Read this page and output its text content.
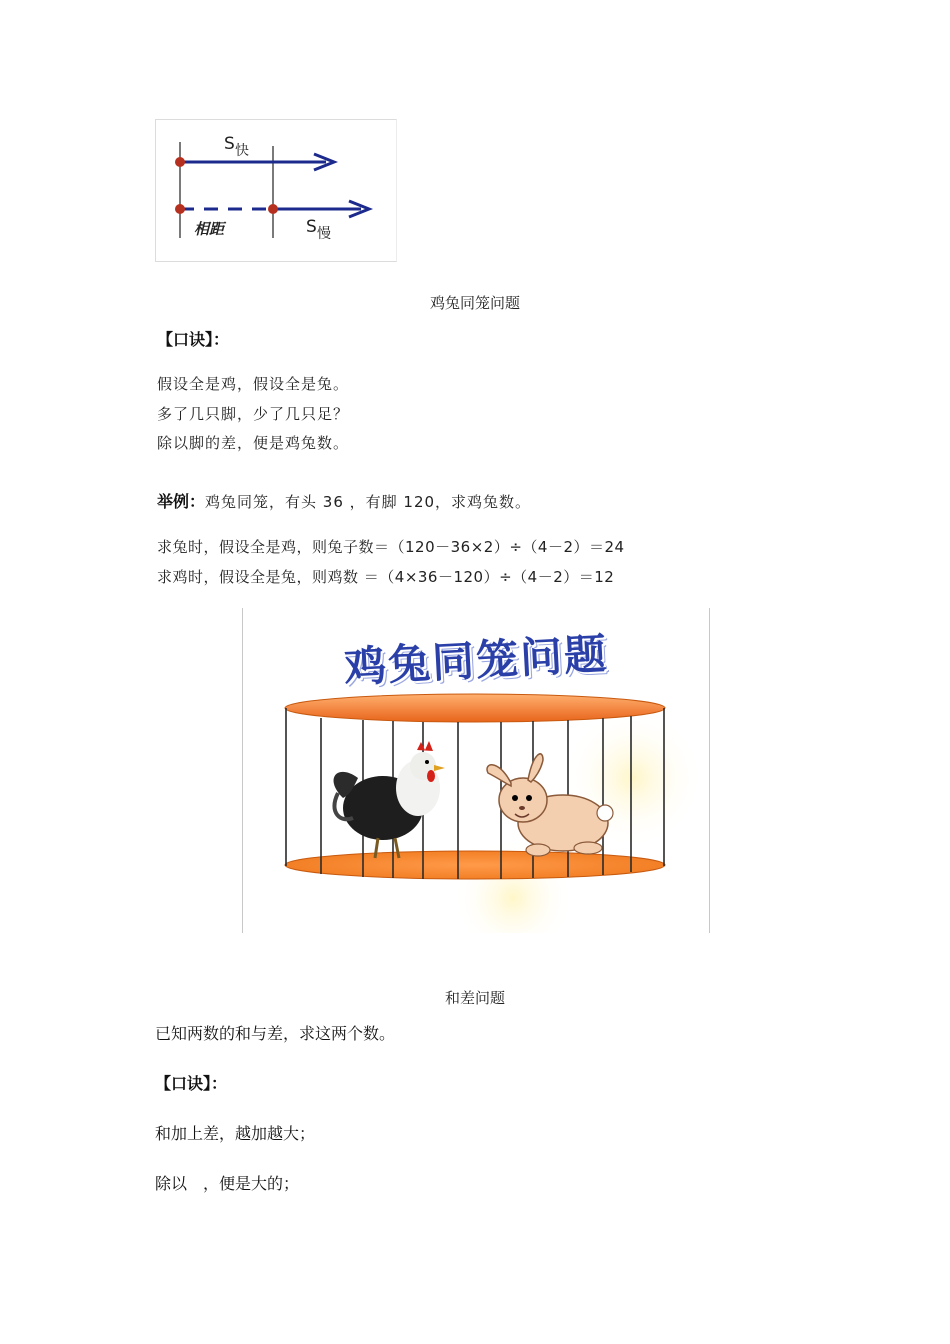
S 快
相距	S 慢
鸡兔同笼问题
【口诀】：
假设全是鸡，假设全是兔。
多了几只脚，少了几只足？
除以脚的差，便是鸡兔数。
举例：鸡兔同笼，有头 36 ，有脚 120，求鸡兔数。
求兔时，假设全是鸡，则兔子数＝（120－36×2）÷（4－2）＝24
求鸡时，假设全是兔，则鸡数 ＝（4×36－120）÷（4－2）＝12
鸡兔同笼问题
和差问题
已知两数的和与差，求这两个数。
【口诀】：
和加上差，越加越大；
除以　，便是大的；
